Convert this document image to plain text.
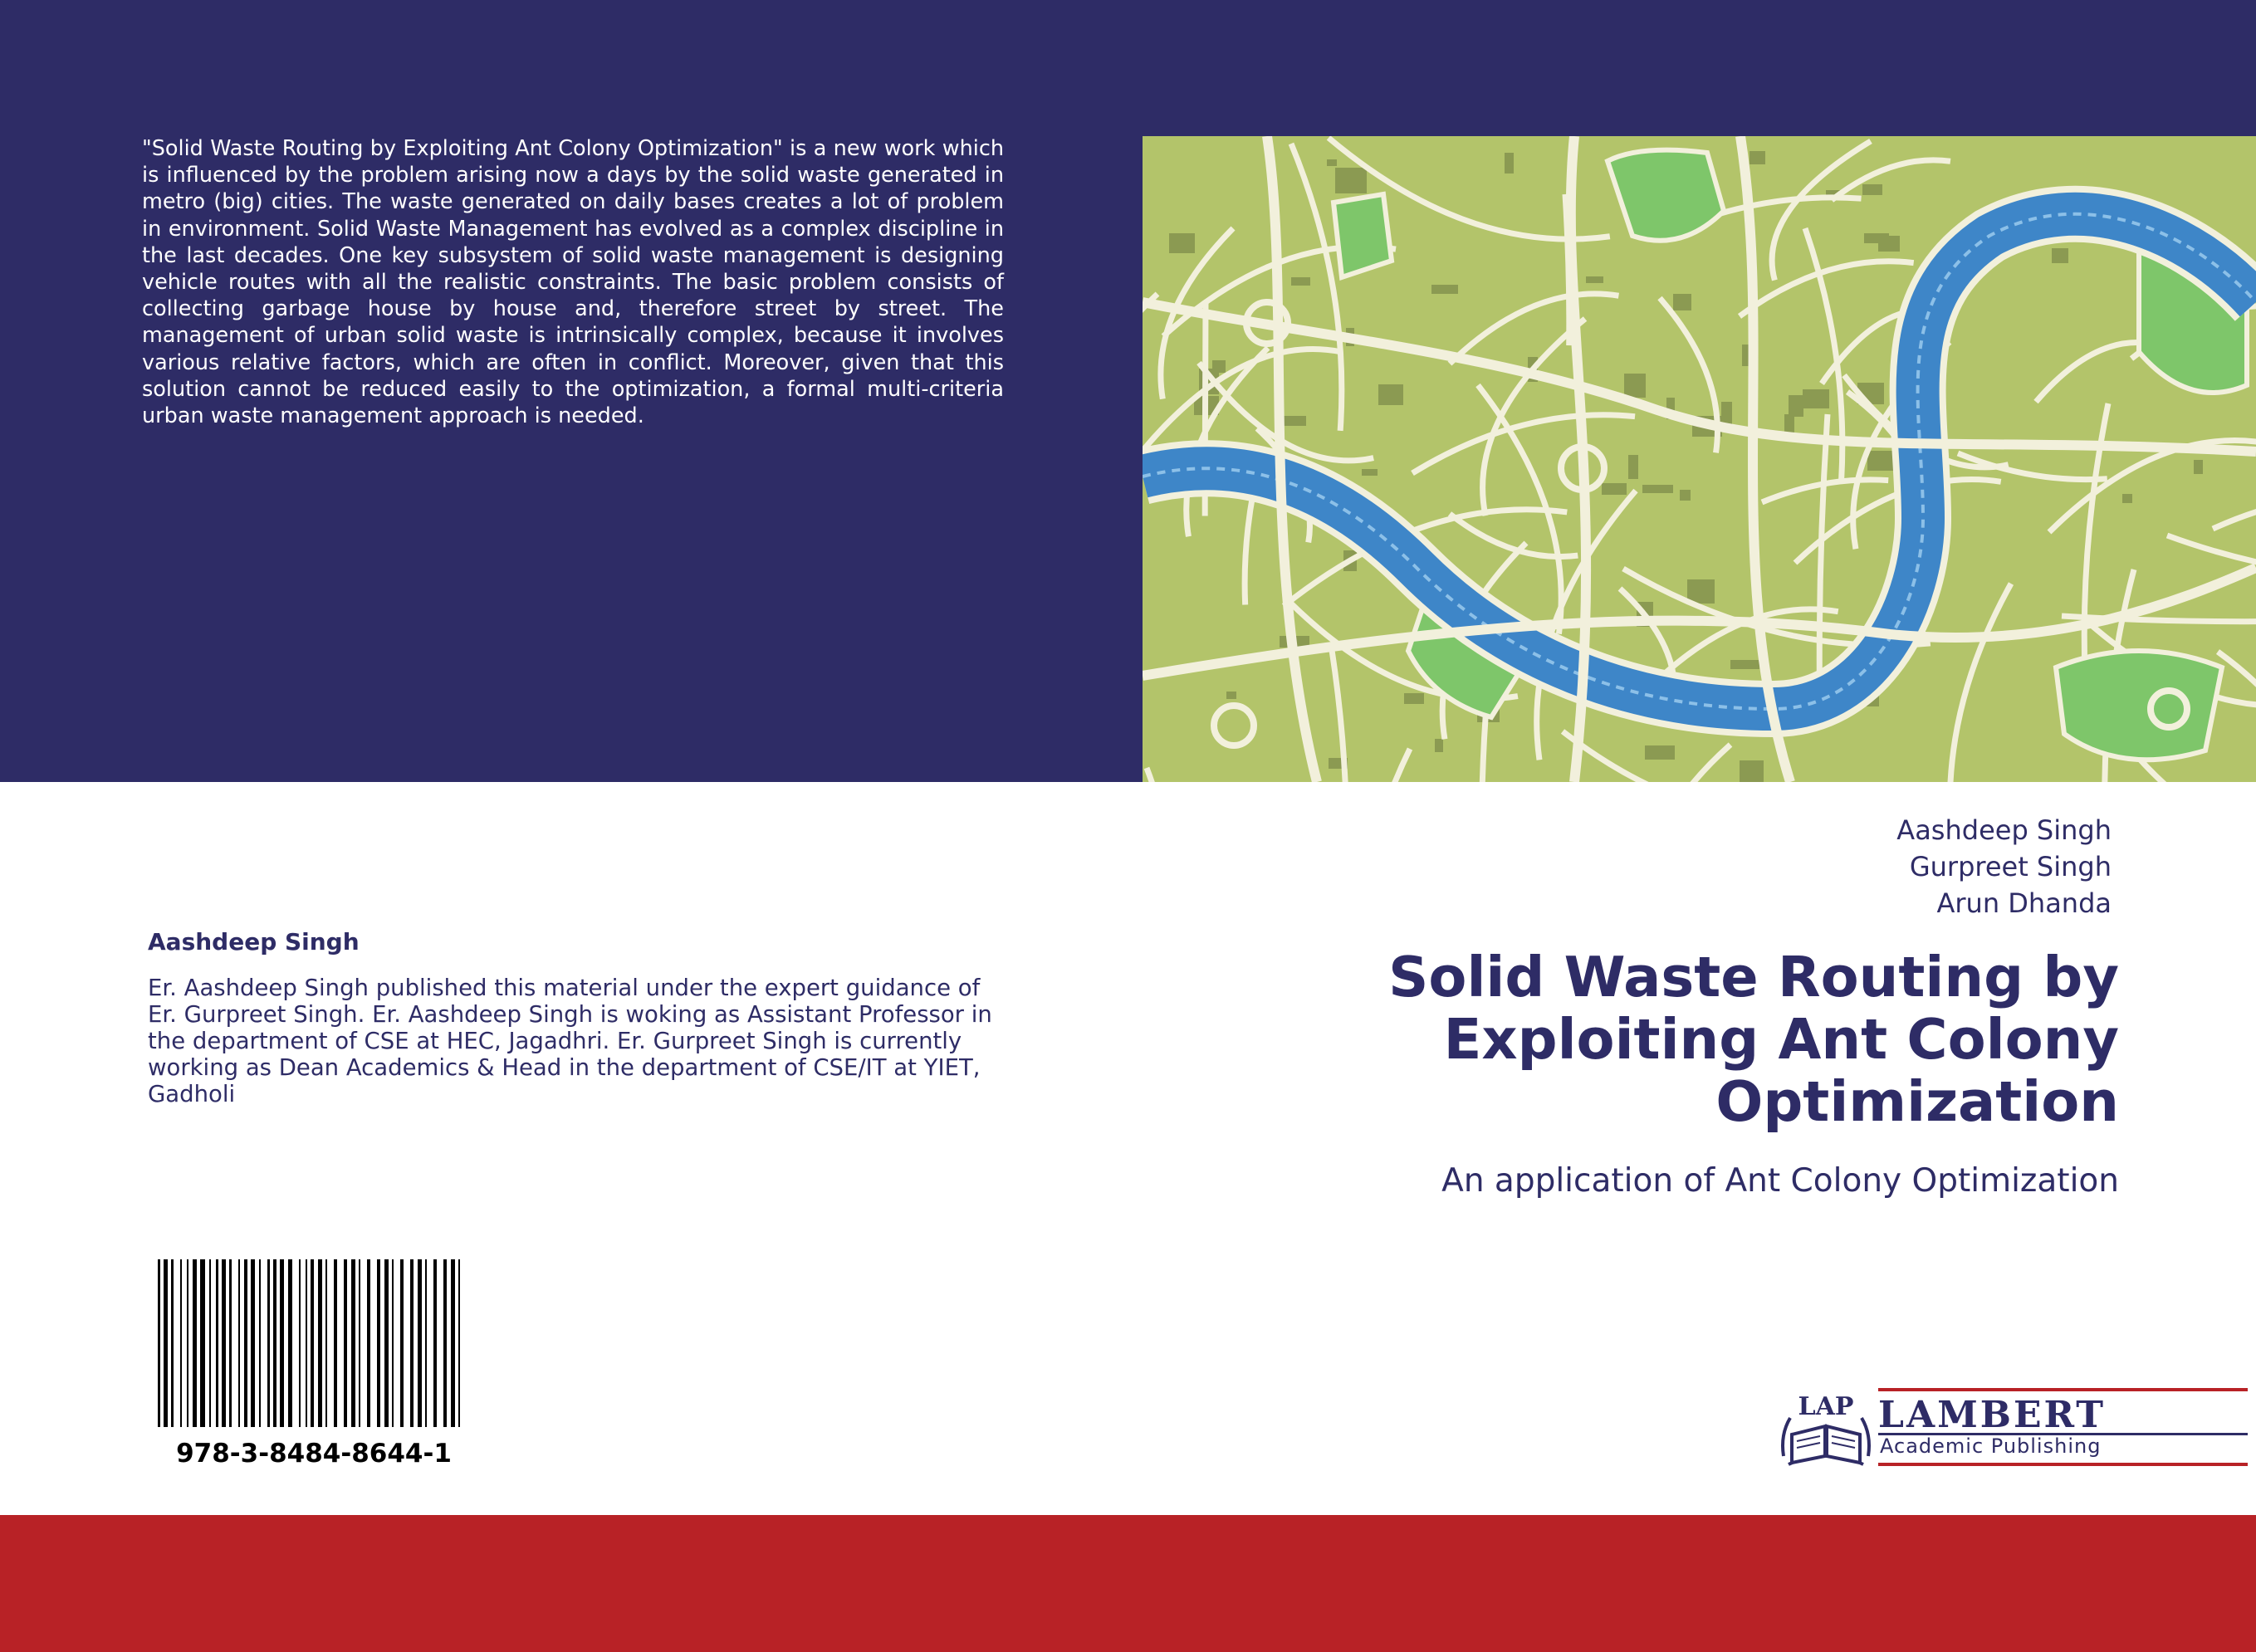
"Solid Waste Routing by Exploiting Ant Colony Optimization" is a new work which is influenced by the problem arising now a days by the solid waste generated in metro (big) cities. The waste generated on daily bases creates a lot of problem in environment. Solid Waste Management has evolved as a complex discipline in the last decades. One key subsystem of solid waste management is designing vehicle routes with all the realistic constraints. The basic problem consists of collecting garbage house by house and, therefore street by street. The management of urban solid waste is intrinsically complex, because it involves various relative factors, which are often in conflict. Moreover, given that this solution cannot be reduced easily to the optimization, a formal multi-criteria urban waste management approach is needed.

Aashdeep Singh
Gurpreet Singh
Arun Dhanda
Aashdeep Singh

Er. Aashdeep Singh published this material under the expert guidance of Er. Gurpreet Singh. Er. Aashdeep Singh is woking as Assistant Professor in the department of CSE at HEC, Jagadhri. Er. Gurpreet Singh is currently working as Dean Academics & Head in the department of CSE/IT at YIET, Gadholi

Solid Waste Routing by Exploiting Ant Colony Optimization
An application of Ant Colony Optimization
978-3-8484-8644-1
LAP LAMBERT
Academic Publishing
